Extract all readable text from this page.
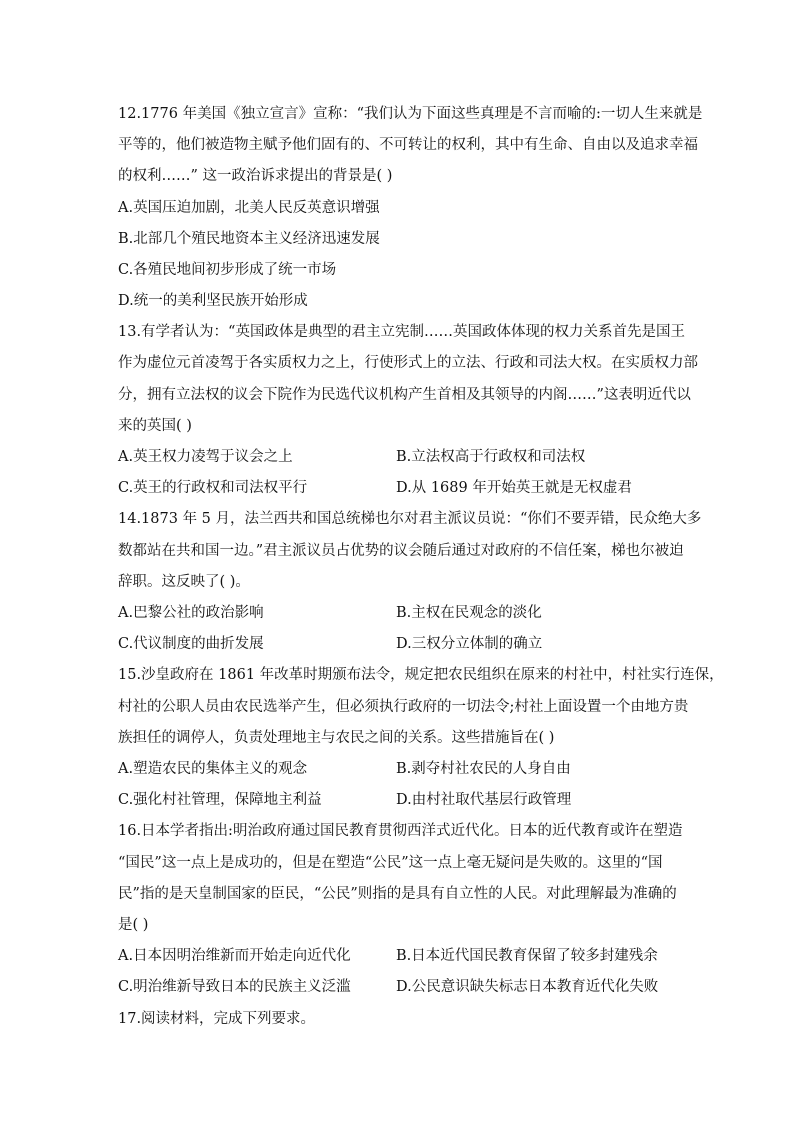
12.1776 年美国《独立宣言》宣称：“我们认为下面这些真理是不言而喻的:一切人生来就是
平等的，他们被造物主赋予他们固有的、不可转让的权利，其中有生命、自由以及追求幸福
的权利……” 这一政治诉求提出的背景是( )
A.英国压迫加剧，北美人民反英意识增强
B.北部几个殖民地资本主义经济迅速发展
C.各殖民地间初步形成了统一市场
D.统一的美利坚民族开始形成
13.有学者认为：“英国政体是典型的君主立宪制……英国政体体现的权力关系首先是国王
作为虚位元首凌驾于各实质权力之上，行使形式上的立法、行政和司法大权。在实质权力部
分，拥有立法权的议会下院作为民选代议机构产生首相及其领导的内阁……”这表明近代以
来的英国( )
A.英王权力凌驾于议会之上	B.立法权高于行政权和司法权
C.英王的行政权和司法权平行	D.从 1689 年开始英王就是无权虚君
14.1873 年 5 月，法兰西共和国总统梯也尔对君主派议员说：“你们不要弄错，民众绝大多
数都站在共和国一边。”君主派议员占优势的议会随后通过对政府的不信任案，梯也尔被迫
辞职。这反映了( )。
A.巴黎公社的政治影响	B.主权在民观念的淡化
C.代议制度的曲折发展	D.三权分立体制的确立
15.沙皇政府在 1861 年改革时期颁布法令，规定把农民组织在原来的村社中，村社实行连保，
村社的公职人员由农民选举产生，但必须执行政府的一切法令;村社上面设置一个由地方贵
族担任的调停人，负责处理地主与农民之间的关系。这些措施旨在( )
A.塑造农民的集体主义的观念	B.剥夺村社农民的人身自由
C.强化村社管理，保障地主利益	D.由村社取代基层行政管理
16.日本学者指出:明治政府通过国民教育贯彻西洋式近代化。日本的近代教育或许在塑造
“国民”这一点上是成功的，但是在塑造“公民”这一点上毫无疑问是失败的。这里的“国
民”指的是天皇制国家的臣民，“公民”则指的是具有自立性的人民。对此理解最为准确的
是( )
A.日本因明治维新而开始走向近代化	B.日本近代国民教育保留了较多封建残余
C.明治维新导致日本的民族主义泛滥	D.公民意识缺失标志日本教育近代化失败
17.阅读材料，完成下列要求。
